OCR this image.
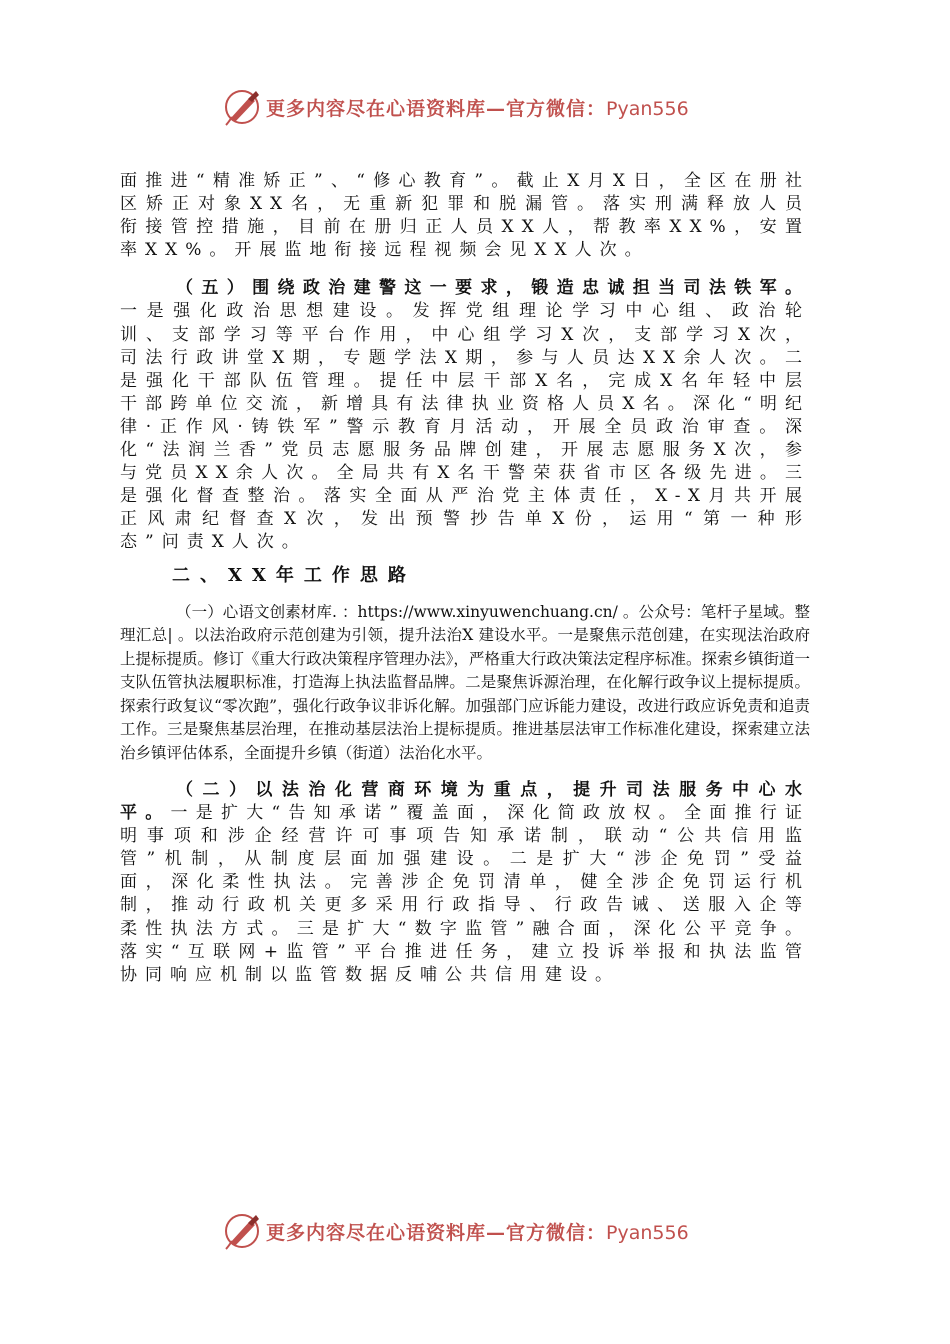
更多内容尽在心语资料库—官方微信：Pyan556

面推进“精准矫正”、“修心教育”。截止X月X日，全区在册社区矫正对象XX名，无重新犯罪和脱漏管。落实刑满释放人员衔接管控措施，目前在册归正人员XX人，帮教率XX%，安置率XX%。开展监地衔接远程视频会见XX人次。

（五）围绕政治建警这一要求，锻造忠诚担当司法铁军。一是强化政治思想建设。发挥党组理论学习中心组、政治轮训、支部学习等平台作用，中心组学习X次，支部学习X次，司法行政讲堂X期，专题学法X期，参与人员达XX余人次。二是强化干部队伍管理。提任中层干部X名，完成X名年轻中层干部跨单位交流，新增具有法律执业资格人员X名。深化“明纪律·正作风·铸铁军”警示教育月活动，开展全员政治审查。深化“法润兰香”党员志愿服务品牌创建，开展志愿服务X次，参与党员XX余人次。全局共有X名干警荣获省市区各级先进。三是强化督查整治。落实全面从严治党主体责任，X-X月共开展正风肃纪督查X次，发出预警抄告单X份，运用“第一种形态”问责X人次。

二、XX年工作思路

（一）心语文创素材库. ：https://www.xinyuwenchuang.cn/ 。公众号：笔杆子星域。整理汇总| 。以法治政府示范创建为引领，提升法治X 建设水平。一是聚焦示范创建，在实现法治政府上提标提质。修订《重大行政决策程序管理办法》，严格重大行政决策法定程序标准。探索乡镇街道一支队伍管执法履职标准，打造海上执法监督品牌。二是聚焦诉源治理，在化解行政争议上提标提质。探索行政复议“零次跑”，强化行政争议非诉化解。加强部门应诉能力建设，改进行政应诉免责和追责工作。三是聚焦基层治理，在推动基层法治上提标提质。推进基层法审工作标准化建设，探索建立法治乡镇评估体系，全面提升乡镇（街道）法治化水平。

（二）以法治化营商环境为重点，提升司法服务中心水平。一是扩大“告知承诺”覆盖面，深化简政放权。全面推行证明事项和涉企经营许可事项告知承诺制，联动“公共信用监管”机制，从制度层面加强建设。二是扩大“涉企免罚”受益面，深化柔性执法。完善涉企免罚清单，健全涉企免罚运行机制，推动行政机关更多采用行政指导、行政告诫、送服入企等柔性执法方式。三是扩大“数字监管”融合面，深化公平竞争。落实“互联网+监管”平台推进任务，建立投诉举报和执法监管协同响应机制以监管数据反哺公共信用建设。

更多内容尽在心语资料库—官方微信：Pyan556
